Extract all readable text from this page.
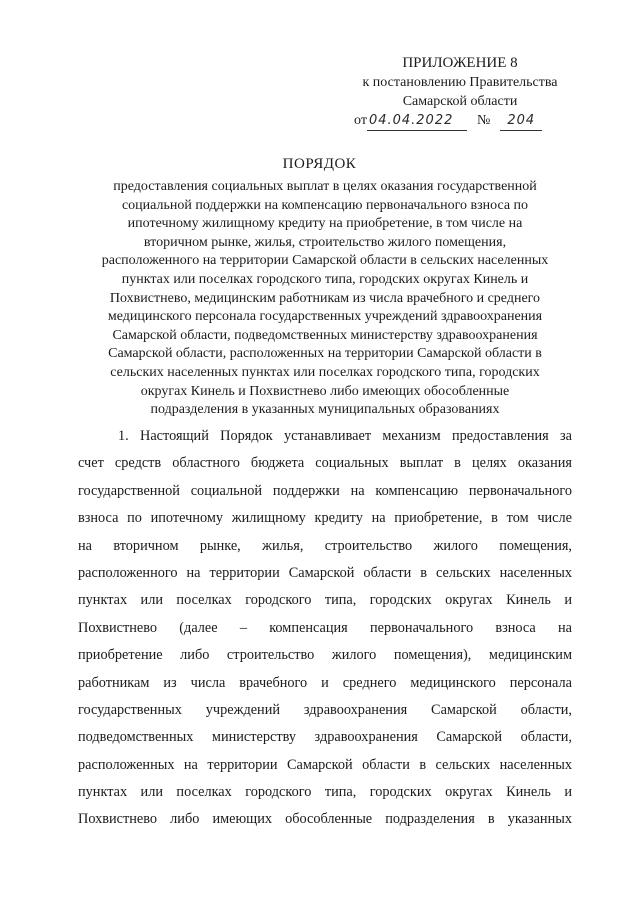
ПРИЛОЖЕНИЕ 8
к постановлению Правительства
Самарской области
от 04.04.2022 № 204
ПОРЯДОК
предоставления социальных выплат в целях оказания государственной
социальной поддержки на компенсацию первоначального взноса по
ипотечному жилищному кредиту на приобретение, в том числе на
вторичном рынке, жилья, строительство жилого помещения,
расположенного на территории Самарской области в сельских населенных
пунктах или поселках городского типа, городских округах Кинель и
Похвистнево, медицинским работникам из числа врачебного и среднего
медицинского персонала государственных учреждений здравоохранения
Самарской области, подведомственных министерству здравоохранения
Самарской области, расположенных на территории Самарской области в
сельских населенных пунктах или поселках городского типа, городских
округах Кинель и Похвистнево либо имеющих обособленные
подразделения в указанных муниципальных образованиях
1. Настоящий Порядок устанавливает механизм предоставления за
счет средств областного бюджета социальных выплат в целях оказания
государственной социальной поддержки на компенсацию первоначального
взноса по ипотечному жилищному кредиту на приобретение, в том числе
на вторичном рынке, жилья, строительство жилого помещения,
расположенного на территории Самарской области в сельских населенных
пунктах или поселках городского типа, городских округах Кинель и
Похвистнево (далее – компенсация первоначального взноса на
приобретение либо строительство жилого помещения), медицинским
работникам из числа врачебного и среднего медицинского персонала
государственных учреждений здравоохранения Самарской области,
подведомственных министерству здравоохранения Самарской области,
расположенных на территории Самарской области в сельских населенных
пунктах или поселках городского типа, городских округах Кинель и
Похвистнево либо имеющих обособленные подразделения в указанных
